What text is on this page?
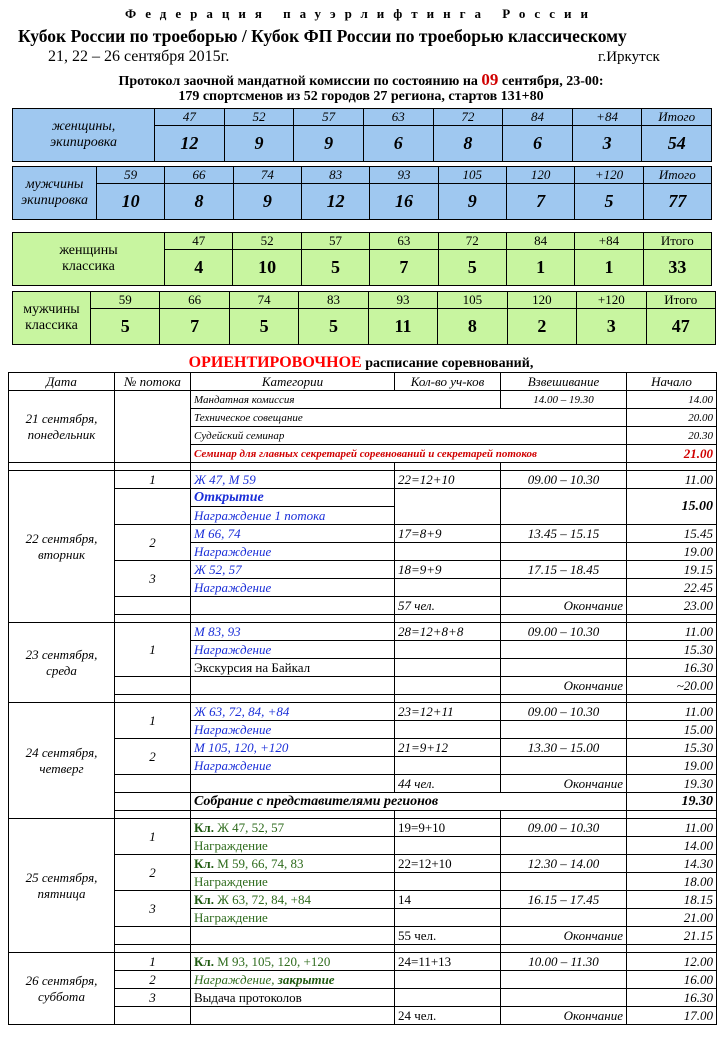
Федерация пауэрлифтинга России
Кубок России по троеборью / Кубок ФП России по троеборью классическому
21, 22 – 26 сентября 2015г.	г.Иркутск
Протокол заочной мандатной комиссии по состоянию на 09 сентября, 23-00:
179 спортсменов из 52 городов 27 региона, стартов 131+80
женщины,
экипировка	47	52	57	63	72	84	+84	Итого
	12	9	9	6	8	6	3	54
мужчины
экипировка	59	66	74	83	93	105	120	+120	Итого
	10	8	9	12	16	9	7	5	77
женщины
классика	47	52	57	63	72	84	+84	Итого
	4	10	5	7	5	1	1	33
мужчины
классика	59	66	74	83	93	105	120	+120	Итого
	5	7	5	5	11	8	2	3	47
ОРИЕНТИРОВОЧНОЕ расписание соревнований,
Дата	№ потока	Категории	Кол-во уч-ков	Взвешивание	Начало
21 сентября,
понедельник		Мандатная комиссия		14.00 – 19.30	14.00
		Техническое совещание			20.00
		Судейский семинар			20.30
		Семинар для главных секретарей соревнований и секретарей потоков			21.00

22 сентября,
вторник	1	Ж 47, М 59	22=12+10	09.00 – 10.30	11.00
		Открытие			15.00
		Награждение 1 потока			
	2	М 66, 74	17=8+9	13.45 – 15.15	15.45
		Награждение			19.00
	3	Ж 52, 57	18=9+9	17.15 – 18.45	19.15
		Награждение			22.45
			57 чел.	Окончание	23.00

23 сентября,
среда	1	М 83, 93	28=12+8+8	09.00 – 10.30	11.00
		Награждение			15.30
		Экскурсия на Байкал			16.30
				Окончание	~20.00

24 сентября,
четверг	1	Ж 63, 72, 84, +84	23=12+11	09.00 – 10.30	11.00
		Награждение			15.00
	2	М 105, 120, +120	21=9+12	13.30 – 15.00	15.30
		Награждение			19.00
			44 чел.	Окончание	19.30
		Собрание с представителями регионов			19.30

25 сентября,
пятница	1	Кл. Ж 47, 52, 57	19=9+10	09.00 – 10.30	11.00
		Награждение			14.00
	2	Кл. М 59, 66, 74, 83	22=12+10	12.30 – 14.00	14.30
		Награждение			18.00
	3	Кл. Ж 63, 72, 84, +84	14	16.15 – 17.45	18.15
		Награждение			21.00
			55 чел.	Окончание	21.15

26 сентября,
суббота	1	Кл. М 93, 105, 120, +120	24=11+13	10.00 – 11.30	12.00
	2	Награждение, закрытие			16.00
	3	Выдача протоколов			16.30
			24 чел.	Окончание	17.00
